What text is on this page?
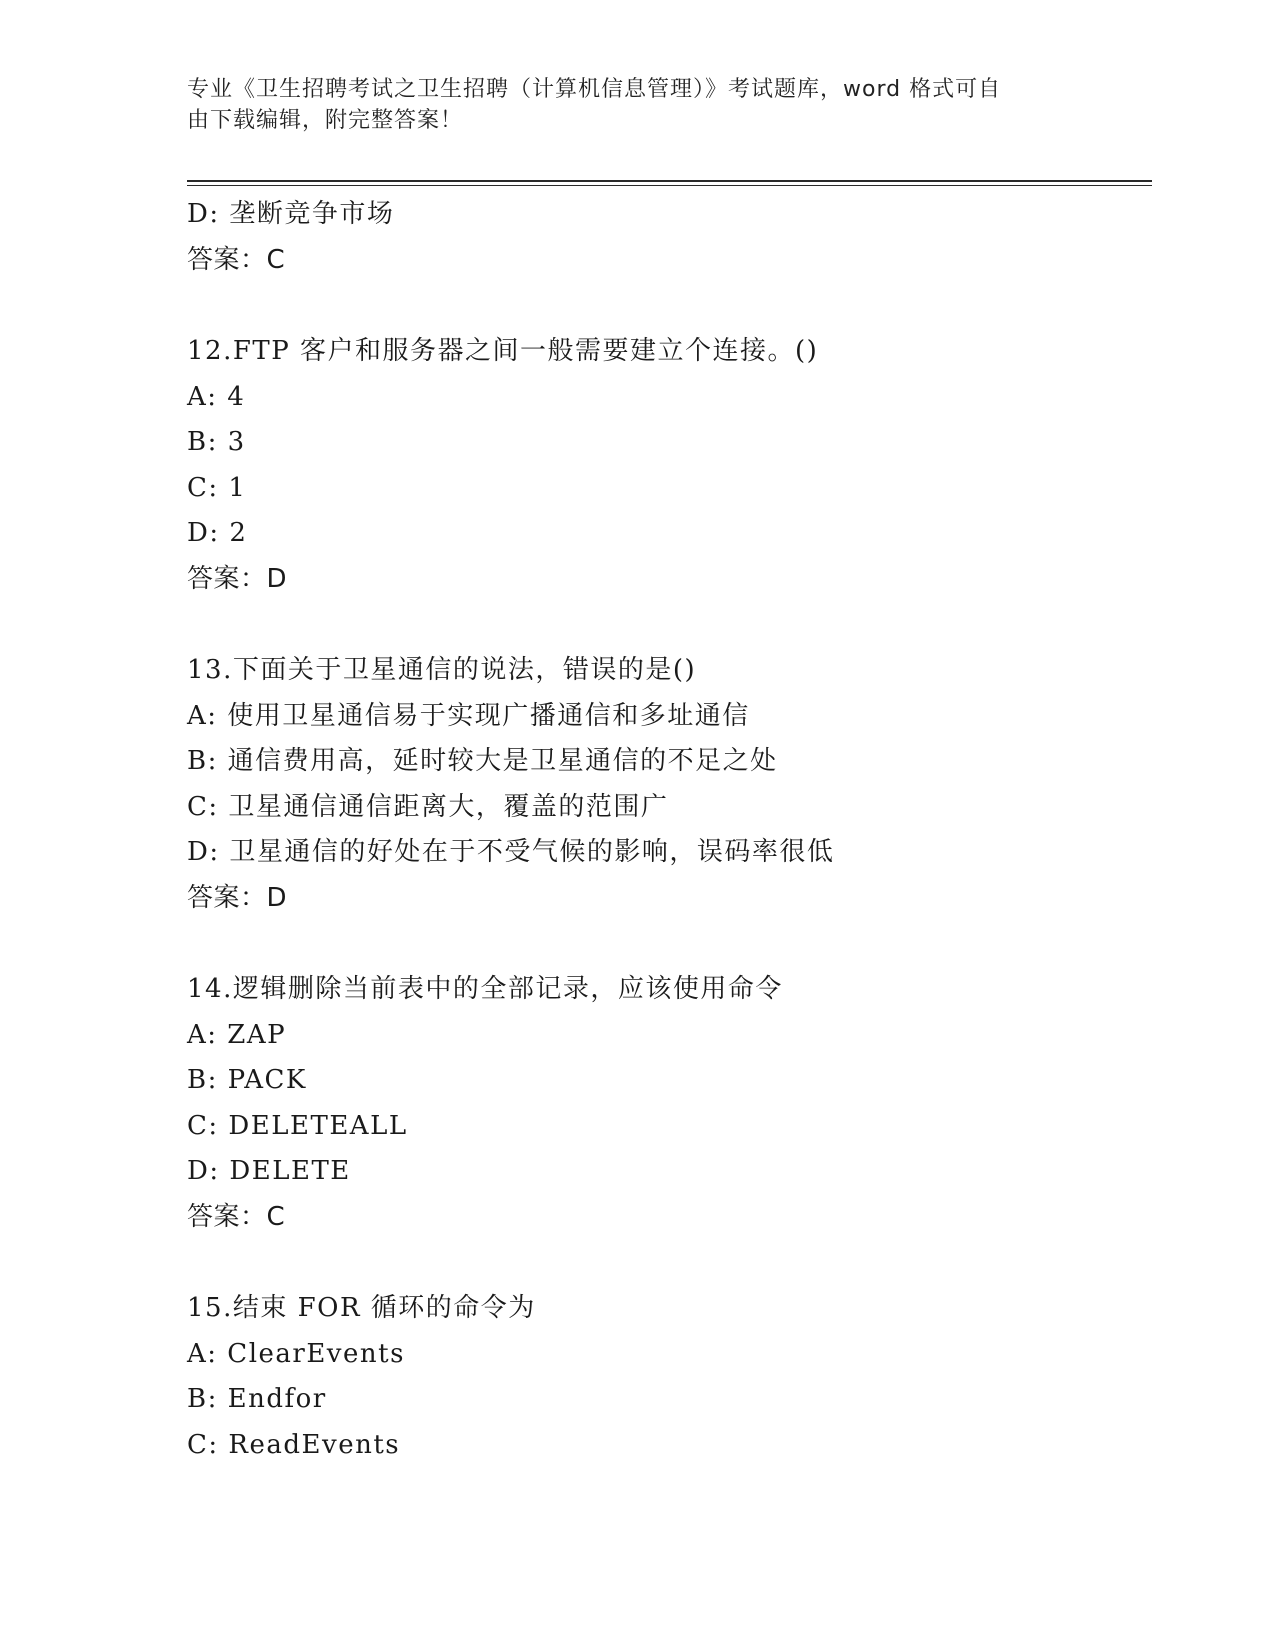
专业《卫生招聘考试之卫生招聘（计算机信息管理）》考试题库，word 格式可自
由下载编辑，附完整答案！
D: 垄断竞争市场
答案：C
12.FTP 客户和服务器之间一般需要建立个连接。()
A: 4
B: 3
C: 1
D: 2
答案：D
13.下面关于卫星通信的说法，错误的是()
A: 使用卫星通信易于实现广播通信和多址通信
B: 通信费用高，延时较大是卫星通信的不足之处
C: 卫星通信通信距离大，覆盖的范围广
D: 卫星通信的好处在于不受气候的影响，误码率很低
答案：D
14.逻辑删除当前表中的全部记录，应该使用命令
A: ZAP
B: PACK
C: DELETEALL
D: DELETE
答案：C
15.结束 FOR 循环的命令为
A: ClearEvents
B: Endfor
C: ReadEvents
